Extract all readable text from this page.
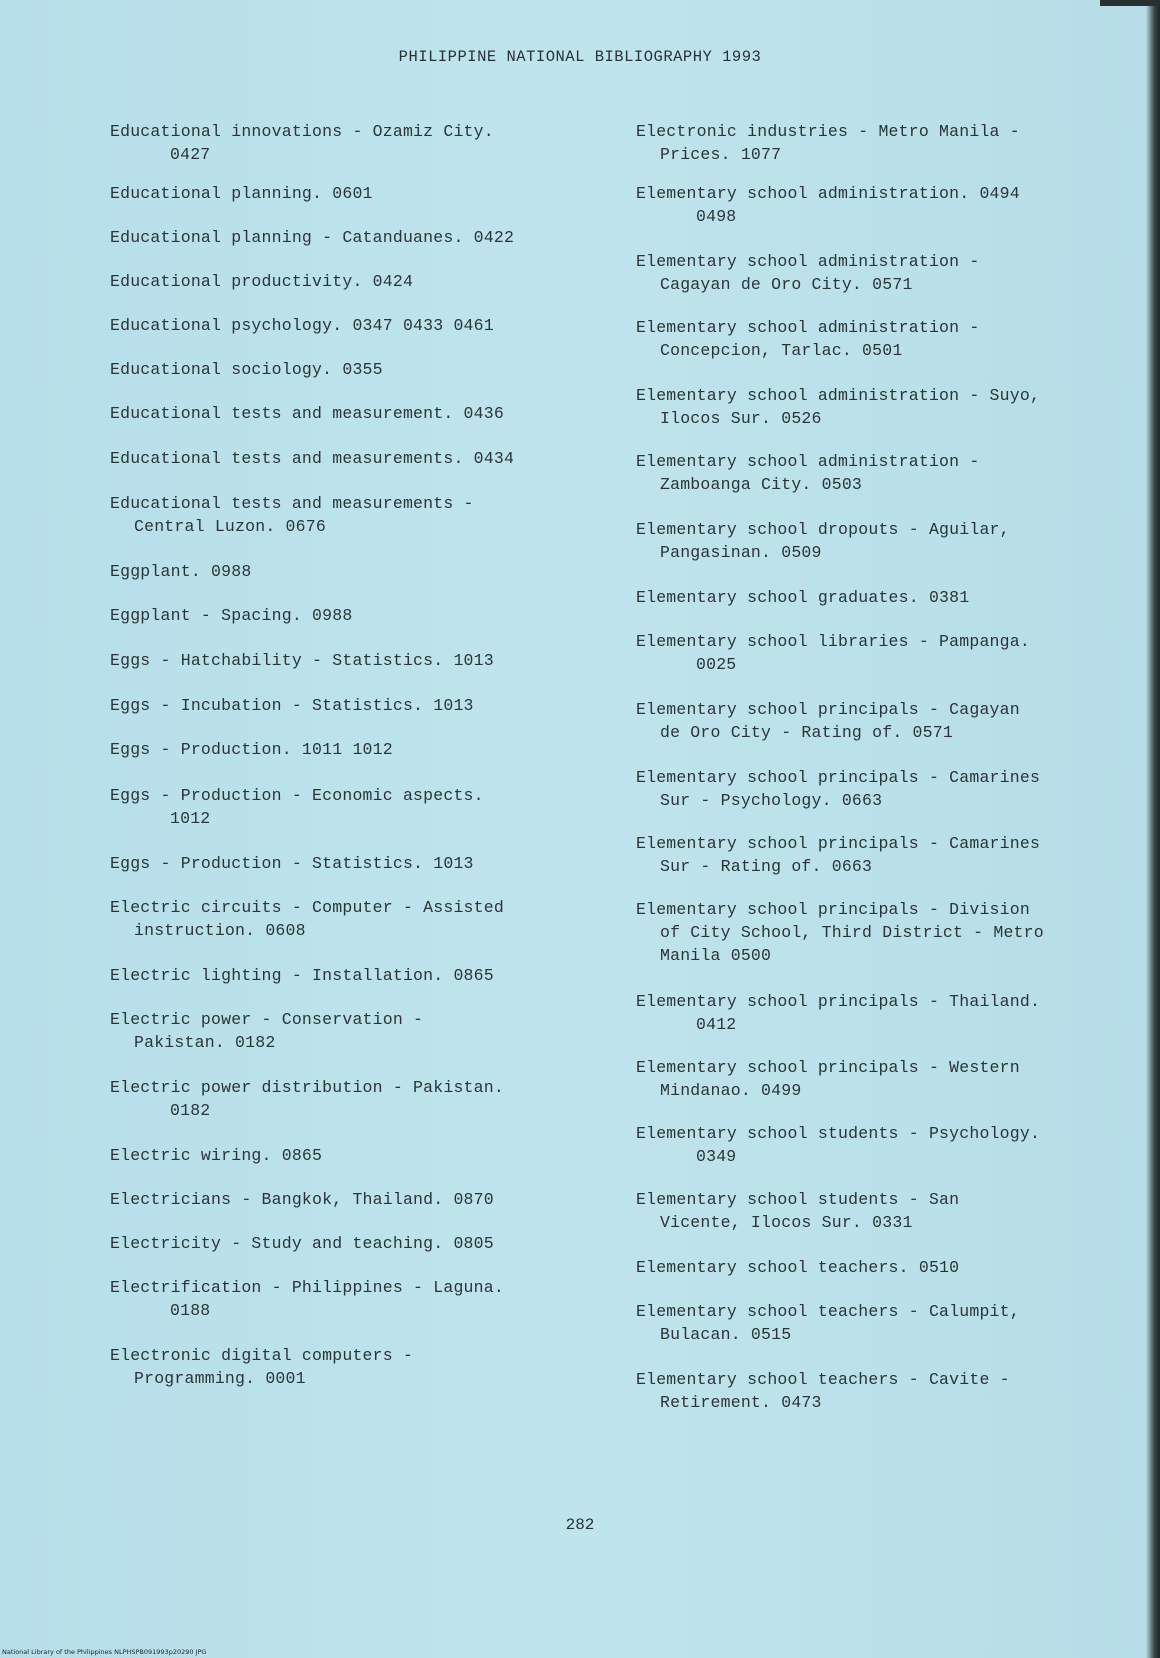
PHILIPPINE NATIONAL BIBLIOGRAPHY 1993
Educational innovations - Ozamiz City.
0427
Educational planning. 0601
Educational planning - Catanduanes. 0422
Educational productivity. 0424
Educational psychology. 0347 0433 0461
Educational sociology. 0355
Educational tests and measurement. 0436
Educational tests and measurements. 0434
Educational tests and measurements -
Central Luzon. 0676
Eggplant. 0988
Eggplant - Spacing. 0988
Eggs - Hatchability - Statistics. 1013
Eggs - Incubation - Statistics. 1013
Eggs - Production. 1011 1012
Eggs - Production - Economic aspects.
1012
Eggs - Production - Statistics. 1013
Electric circuits - Computer - Assisted
instruction. 0608
Electric lighting - Installation. 0865
Electric power - Conservation -
Pakistan. 0182
Electric power distribution - Pakistan.
0182
Electric wiring. 0865
Electricians - Bangkok, Thailand. 0870
Electricity - Study and teaching. 0805
Electrification - Philippines - Laguna.
0188
Electronic digital computers -
Programming. 0001
Electronic industries - Metro Manila -
Prices. 1077
Elementary school administration. 0494
0498
Elementary school administration -
Cagayan de Oro City. 0571
Elementary school administration -
Concepcion, Tarlac. 0501
Elementary school administration - Suyo,
Ilocos Sur. 0526
Elementary school administration -
Zamboanga City. 0503
Elementary school dropouts - Aguilar,
Pangasinan. 0509
Elementary school graduates. 0381
Elementary school libraries - Pampanga.
0025
Elementary school principals - Cagayan
de Oro City - Rating of. 0571
Elementary school principals - Camarines
Sur - Psychology. 0663
Elementary school principals - Camarines
Sur - Rating of. 0663
Elementary school principals - Division
of City School, Third District - Metro
Manila 0500
Elementary school principals - Thailand.
0412
Elementary school principals - Western
Mindanao. 0499
Elementary school students - Psychology.
0349
Elementary school students - San
Vicente, Ilocos Sur. 0331
Elementary school teachers. 0510
Elementary school teachers - Calumpit,
Bulacan. 0515
Elementary school teachers - Cavite -
Retirement. 0473
282
National Library of the Philippines NLPHSPB091993p20290 JPG
